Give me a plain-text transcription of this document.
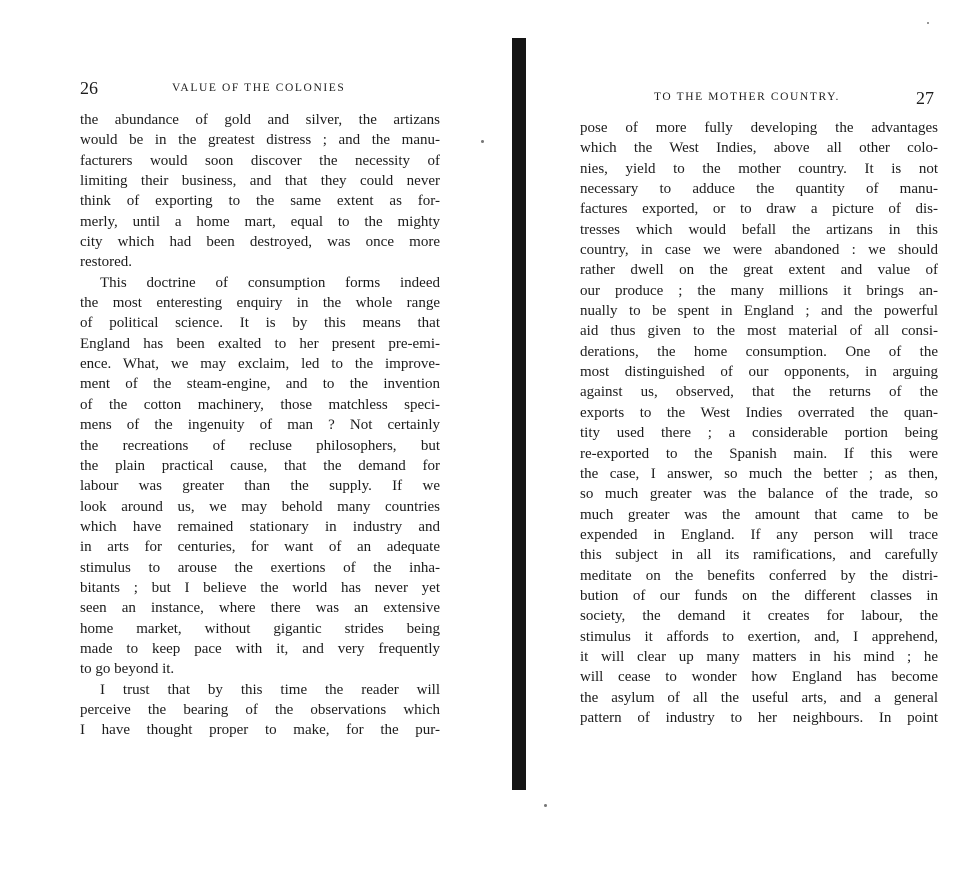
26	VALUE OF THE COLONIES
the abundance of gold and silver, the artizans
would be in the greatest distress ; and the manu-
facturers would soon discover the necessity of
limiting their business, and that they could never
think of exporting to the same extent as for-
merly, until a home mart, equal to the mighty
city which had been destroyed, was once more
restored.
This doctrine of consumption forms indeed
the most enteresting enquiry in the whole range
of political science. It is by this means that
England has been exalted to her present pre-emi-
ence. What, we may exclaim, led to the improve-
ment of the steam-engine, and to the invention
of the cotton machinery, those matchless speci-
mens of the ingenuity of man ? Not certainly
the recreations of recluse philosophers, but
the plain practical cause, that the demand for
labour was greater than the supply. If we
look around us, we may behold many countries
which have remained stationary in industry and
in arts for centuries, for want of an adequate
stimulus to arouse the exertions of the inha-
bitants ; but I believe the world has never yet
seen an instance, where there was an extensive
home market, without gigantic strides being
made to keep pace with it, and very frequently
to go beyond it.
I trust that by this time the reader will
perceive the bearing of the observations which
I have thought proper to make, for the pur-
TO THE MOTHER COUNTRY.	27
pose of more fully developing the advantages
which the West Indies, above all other colo-
nies, yield to the mother country. It is not
necessary to adduce the quantity of manu-
factures exported, or to draw a picture of dis-
tresses which would befall the artizans in this
country, in case we were abandoned : we should
rather dwell on the great extent and value of
our produce ; the many millions it brings an-
nually to be spent in England ; and the powerful
aid thus given to the most material of all consi-
derations, the home consumption. One of the
most distinguished of our opponents, in arguing
against us, observed, that the returns of the
exports to the West Indies overrated the quan-
tity used there ; a considerable portion being
re-exported to the Spanish main. If this were
the case, I answer, so much the better ; as then,
so much greater was the balance of the trade, so
much greater was the amount that came to be
expended in England. If any person will trace
this subject in all its ramifications, and carefully
meditate on the benefits conferred by the distri-
bution of our funds on the different classes in
society, the demand it creates for labour, the
stimulus it affords to exertion, and, I apprehend,
it will clear up many matters in his mind ; he
will cease to wonder how England has become
the asylum of all the useful arts, and a general
pattern of industry to her neighbours. In point
